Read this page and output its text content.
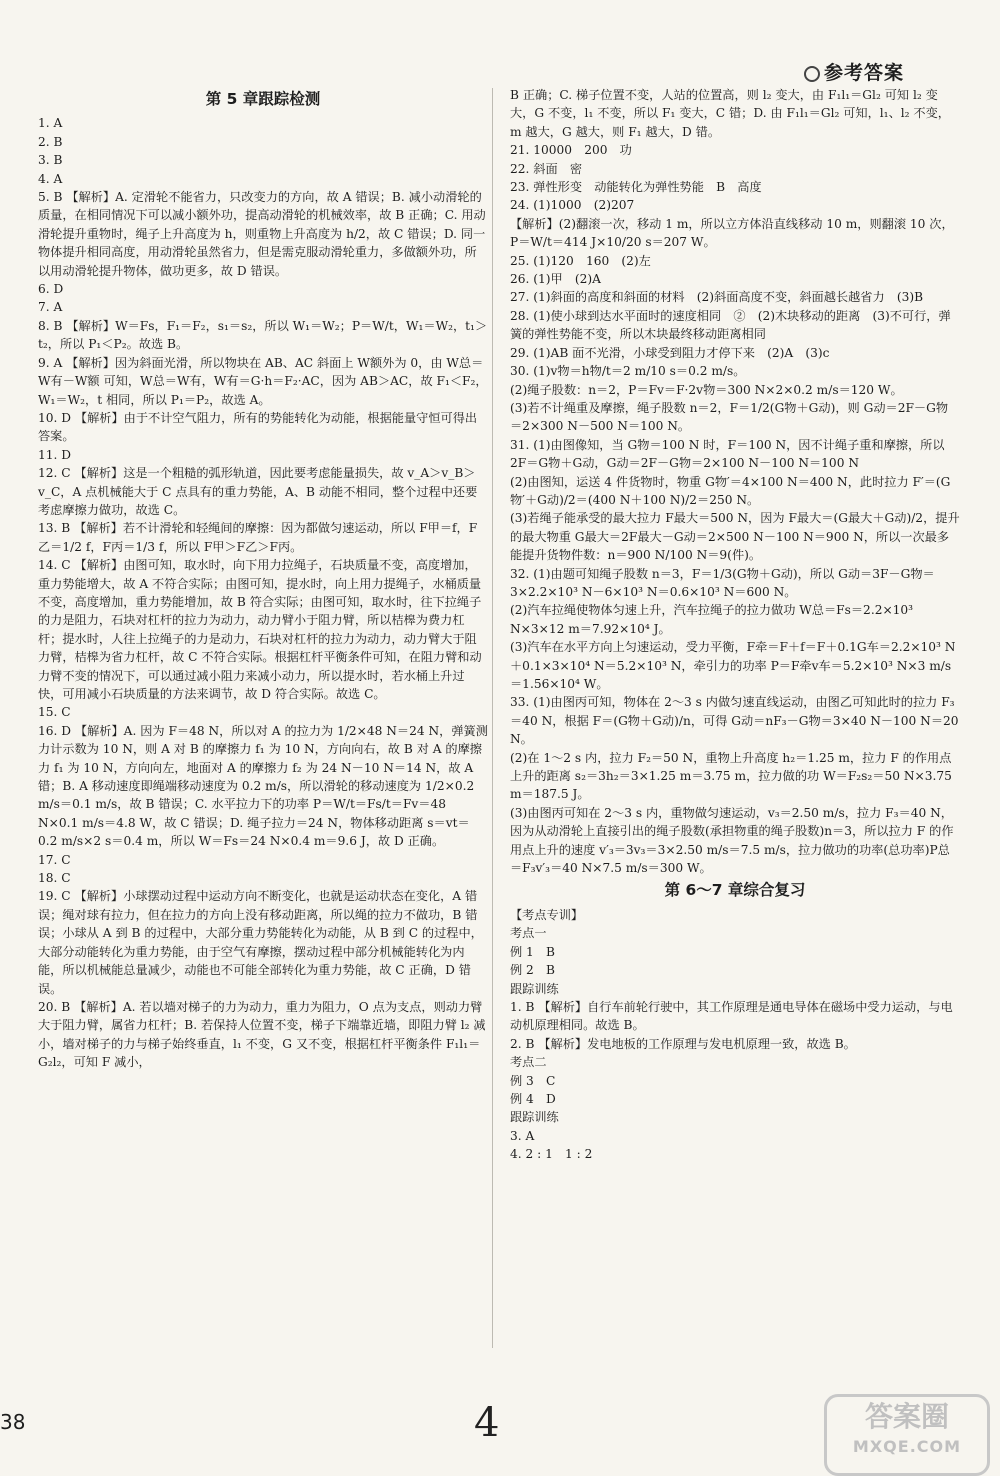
参考答案
第 5 章跟踪检测

1. A

2. B

3. B

4. A

5. B 【解析】A. 定滑轮不能省力，只改变力的方向，故 A 错误；B. 减小动滑轮的质量，在相同情况下可以减小额外功，提高动滑轮的机械效率，故 B 正确；C. 用动滑轮提升重物时，绳子上升高度为 h，则重物上升高度为 h/2，故 C 错误；D. 同一物体提升相同高度，用动滑轮虽然省力，但是需克服动滑轮重力，多做额外功，所以用动滑轮提升物体，做功更多，故 D 错误。

6. D

7. A

8. B 【解析】W＝Fs，F₁＝F₂，s₁＝s₂，所以 W₁＝W₂；P＝W/t，W₁＝W₂，t₁＞t₂，所以 P₁＜P₂。故选 B。

9. A 【解析】因为斜面光滑，所以物块在 AB、AC 斜面上 W额外为 0，由 W总＝W有－W额 可知，W总＝W有，W有＝G·h＝F₂·AC，因为 AB＞AC，故 F₁＜F₂，W₁＝W₂，t 相同，所以 P₁＝P₂，故选 A。

10. D 【解析】由于不计空气阻力，所有的势能转化为动能，根据能量守恒可得出答案。

11. D

12. C 【解析】这是一个粗糙的弧形轨道，因此要考虑能量损失，故 v_A＞v_B＞v_C，A 点机械能大于 C 点具有的重力势能，A、B 动能不相同，整个过程中还要考虑摩擦力做功，故选 C。

13. B 【解析】若不计滑轮和轻绳间的摩擦：因为都做匀速运动，所以 F甲＝f，F乙＝1/2 f，F丙＝1/3 f，所以 F甲＞F乙＞F丙。

14. C 【解析】由图可知，取水时，向下用力拉绳子，石块质量不变，高度增加，重力势能增大，故 A 不符合实际；由图可知，提水时，向上用力提绳子，水桶质量不变，高度增加，重力势能增加，故 B 符合实际；由图可知，取水时，往下拉绳子的力是阻力，石块对杠杆的拉力为动力，动力臂小于阻力臂，所以桔槔为费力杠杆；提水时，人往上拉绳子的力是动力，石块对杠杆的拉力为动力，动力臂大于阻力臂，桔槔为省力杠杆，故 C 不符合实际。根据杠杆平衡条件可知，在阻力臂和动力臂不变的情况下，可以通过减小阻力来减小动力，所以提水时，若水桶上升过快，可用减小石块质量的方法来调节，故 D 符合实际。故选 C。

15. C

16. D 【解析】A. 因为 F＝48 N，所以对 A 的拉力为 1/2×48 N＝24 N，弹簧测力计示数为 10 N，则 A 对 B 的摩擦力 f₁ 为 10 N，方向向右，故 B 对 A 的摩擦力 f₁ 为 10 N，方向向左，地面对 A 的摩擦力 f₂ 为 24 N－10 N＝14 N，故 A 错；B. A 移动速度即绳端移动速度为 0.2 m/s，所以滑轮的移动速度为 1/2×0.2 m/s＝0.1 m/s，故 B 错误；C. 水平拉力下的功率 P＝W/t＝Fs/t＝Fv＝48 N×0.1 m/s＝4.8 W，故 C 错误；D. 绳子拉力＝24 N，物体移动距离 s＝vt＝0.2 m/s×2 s＝0.4 m，所以 W＝Fs＝24 N×0.4 m＝9.6 J，故 D 正确。

17. C

18. C

19. C 【解析】小球摆动过程中运动方向不断变化，也就是运动状态在变化，A 错误；绳对球有拉力，但在拉力的方向上没有移动距离，所以绳的拉力不做功，B 错误；小球从 A 到 B 的过程中，大部分重力势能转化为动能，从 B 到 C 的过程中，大部分动能转化为重力势能，由于空气有摩擦，摆动过程中部分机械能转化为内能，所以机械能总量减少，动能也不可能全部转化为重力势能，故 C 正确，D 错误。

20. B 【解析】A. 若以墙对梯子的力为动力，重力为阻力，O 点为支点，则动力臂大于阻力臂，属省力杠杆；B. 若保持人位置不变，梯子下端靠近墙，即阻力臂 l₂ 减小，墙对梯子的力与梯子始终垂直，l₁ 不变，G 又不变，根据杠杆平衡条件 F₁l₁＝G₂l₂，可知 F 减小，

B 正确；C. 梯子位置不变，人站的位置高，则 l₂ 变大，由 F₁l₁＝Gl₂ 可知 l₂ 变大，G 不变，l₁ 不变，所以 F₁ 变大，C 错；D. 由 F₁l₁＝Gl₂ 可知，l₁、l₂ 不变，m 越大，G 越大，则 F₁ 越大，D 错。

21. 10000　200　功

22. 斜面　密

23. 弹性形变　动能转化为弹性势能　B　高度

24. (1)1000　(2)207

【解析】(2)翻滚一次，移动 1 m，所以立方体沿直线移动 10 m，则翻滚 10 次，P＝W/t＝414 J×10/20 s＝207 W。

25. (1)120　160　(2)左

26. (1)甲　(2)A

27. (1)斜面的高度和斜面的材料　(2)斜面高度不变，斜面越长越省力　(3)B

28. (1)使小球到达水平面时的速度相同　②　(2)木块移动的距离　(3)不可行，弹簧的弹性势能不变，所以木块最终移动距离相同

29. (1)AB 面不光滑，小球受到阻力才停下来　(2)A　(3)c

30. (1)v物＝h物/t＝2 m/10 s＝0.2 m/s。

(2)绳子股数：n＝2，P＝Fv＝F·2v物＝300 N×2×0.2 m/s＝120 W。

(3)若不计绳重及摩擦，绳子股数 n＝2，F＝1/2(G物＋G动)，则 G动＝2F－G物＝2×300 N－500 N＝100 N。

31. (1)由图像知，当 G物＝100 N 时，F＝100 N，因不计绳子重和摩擦，所以 2F＝G物＋G动，G动＝2F－G物＝2×100 N－100 N＝100 N

(2)由图知，运送 4 件货物时，物重 G物′＝4×100 N＝400 N，此时拉力 F′＝(G物′＋G动)/2＝(400 N＋100 N)/2＝250 N。

(3)若绳子能承受的最大拉力 F最大＝500 N，因为 F最大＝(G最大＋G动)/2，提升的最大物重 G最大＝2F最大－G动＝2×500 N－100 N＝900 N，所以一次最多能提升货物件数：n＝900 N/100 N＝9(件)。

32. (1)由题可知绳子股数 n＝3，F＝1/3(G物＋G动)，所以 G动＝3F－G物＝3×2.2×10³ N－6×10³ N＝0.6×10³ N＝600 N。

(2)汽车拉绳使物体匀速上升，汽车拉绳子的拉力做功 W总＝Fs＝2.2×10³ N×3×12 m＝7.92×10⁴ J。

(3)汽车在水平方向上匀速运动，受力平衡，F牵＝F＋f＝F＋0.1G车＝2.2×10³ N＋0.1×3×10⁴ N＝5.2×10³ N，牵引力的功率 P＝F牵v车＝5.2×10³ N×3 m/s＝1.56×10⁴ W。

33. (1)由图丙可知，物体在 2～3 s 内做匀速直线运动，由图乙可知此时的拉力 F₃＝40 N，根据 F＝(G物＋G动)/n，可得 G动＝nF₃－G物＝3×40 N－100 N＝20 N。

(2)在 1～2 s 内，拉力 F₂＝50 N，重物上升高度 h₂＝1.25 m，拉力 F 的作用点上升的距离 s₂＝3h₂＝3×1.25 m＝3.75 m，拉力做的功 W＝F₂s₂＝50 N×3.75 m＝187.5 J。

(3)由图丙可知在 2～3 s 内，重物做匀速运动，v₃＝2.50 m/s，拉力 F₃＝40 N，因为从动滑轮上直接引出的绳子股数(承担物重的绳子股数)n＝3，所以拉力 F 的作用点上升的速度 v′₃＝3v₃＝3×2.50 m/s＝7.5 m/s，拉力做功的功率(总功率)P总＝F₃v′₃＝40 N×7.5 m/s＝300 W。

第 6～7 章综合复习

【考点专训】

考点一

例 1　B

例 2　B

跟踪训练

1. B 【解析】自行车前轮行驶中，其工作原理是通电导体在磁场中受力运动，与电动机原理相同。故选 B。

2. B 【解析】发电地板的工作原理与发电机原理一致，故选 B。

考点二

例 3　C

例 4　D

跟踪训练

3. A

4. 2 : 1　1 : 2

38	4	答案圈
MXQE.COM
